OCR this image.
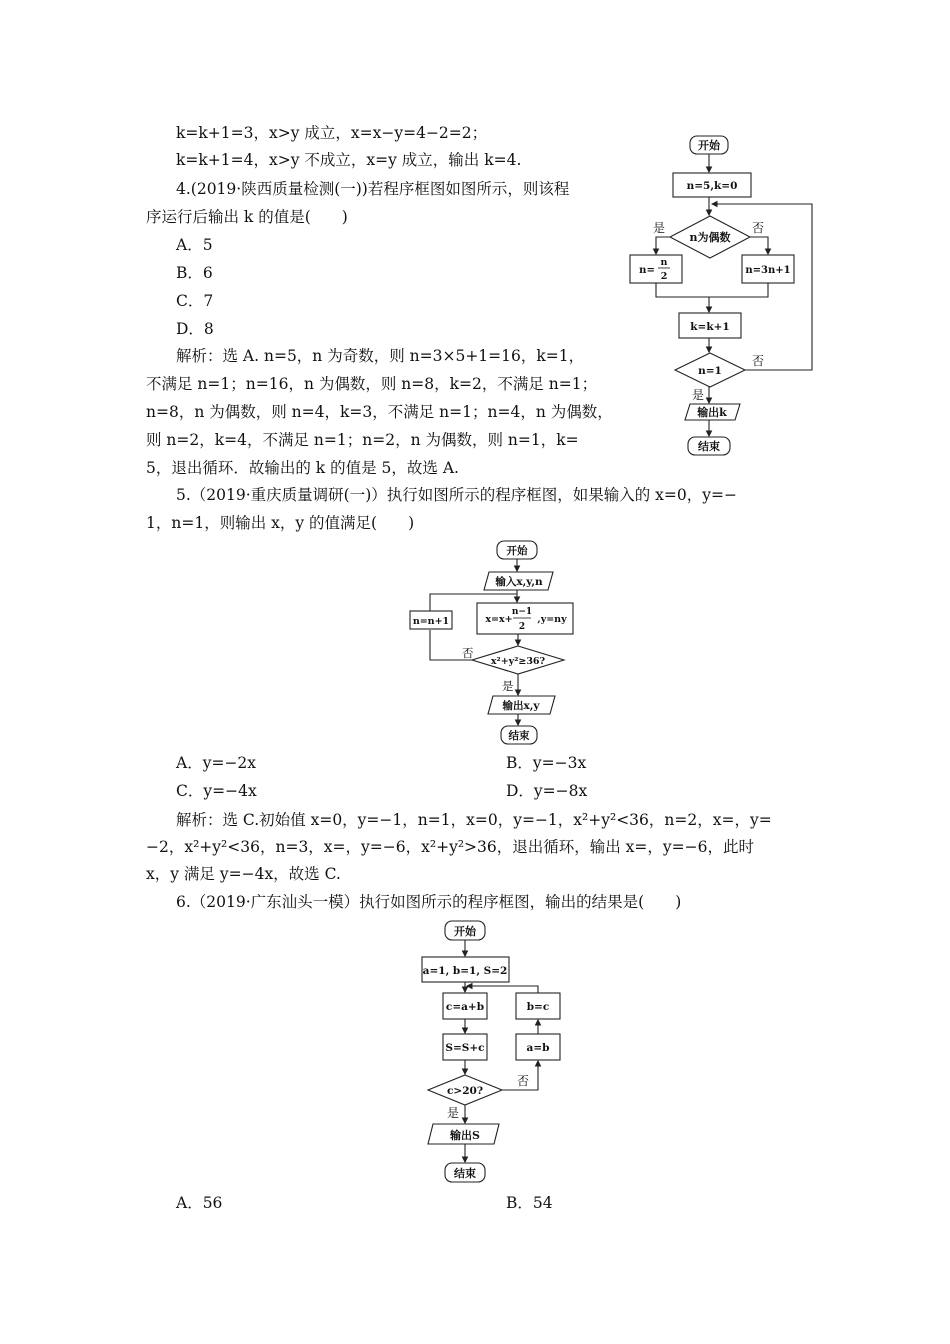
k=k+1=3，x>y 成立，x=x−y=4−2=2；
k=k+1=4，x>y 不成立，x=y 成立，输出 k=4.
4.(2019·陕西质量检测(一))若程序框图如图所示，则该程
序运行后输出 k 的值是(　　)
A．5
B．6
C．7
D．8
解析：选 A. n=5，n 为奇数，则 n=3×5+1=16，k=1，
不满足 n=1；n=16，n 为偶数，则 n=8，k=2，不满足 n=1；
n=8，n 为偶数，则 n=4，k=3，不满足 n=1；n=4，n 为偶数，
则 n=2，k=4，不满足 n=1；n=2，n 为偶数，则 n=1，k=
5，退出循环．故输出的 k 的值是 5，故选 A.
开始
n=5,k=0
n为偶数
是	否
n=
n
2
n=3n+1
k=k+1
n=1
否
是
输出k
结束
5.（2019·重庆质量调研(一)）执行如图所示的程序框图，如果输入的 x=0，y=−
1，n=1，则输出 x，y 的值满足(　　)
开始
输入x,y,n
n=n+1	x=x+
n−1
2
,y=ny
x²+y²≥36?
否
是
输出x,y
结束
A．y=−2x	B．y=−3x
C．y=−4x	D．y=−8x
解析：选 C.初始值 x=0，y=−1，n=1，x=0，y=−1，x²+y²<36，n=2，x=，y=
−2，x²+y²<36，n=3，x=，y=−6，x²+y²>36，退出循环，输出 x=，y=−6，此时
x，y 满足 y=−4x，故选 C.
6.（2019·广东汕头一模）执行如图所示的程序框图，输出的结果是(　　)
开始
a=1, b=1, S=2
c=a+b
S=S+c
b=c
a=b
c>20?
否
是
输出S
结束
A．56	B．54
